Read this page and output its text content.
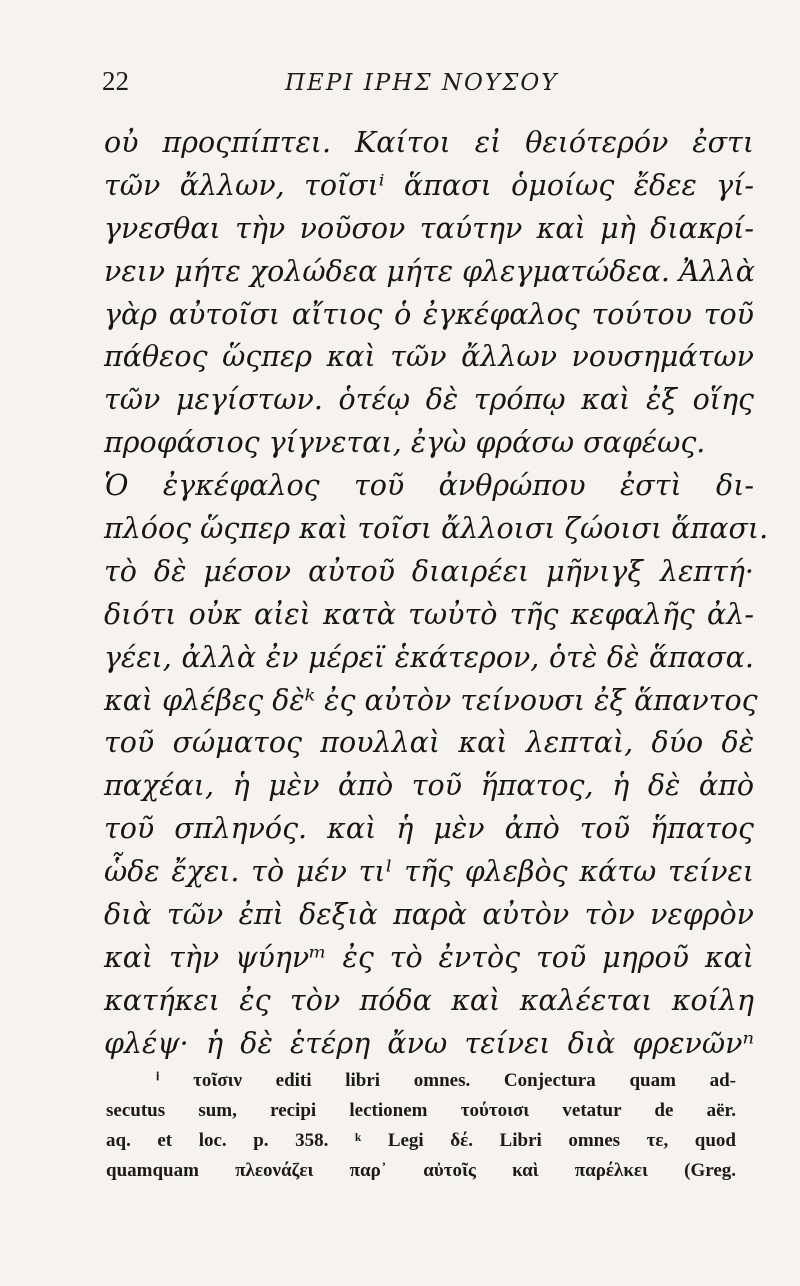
22	ΠΕΡΙ ΙΡΗΣ ΝΟΥΣΟΥ
οὐ προςπίπτει. Καίτοι εἰ θειότερόν ἐστι
τῶν ἄλλων, τοῖσιⁱ ἅπασι ὁμοίως ἔδεε γί-
γνεσθαι τὴν νοῦσον ταύτην καὶ μὴ διακρί-
νειν μήτε χολώδεα μήτε φλεγματώδεα. Ἀλλὰ
γὰρ αὐτοῖσι αἴτιος ὁ ἐγκέφαλος τούτου τοῦ
πάθεος ὥςπερ καὶ τῶν ἄλλων νουσημάτων
τῶν μεγίστων. ὁτέῳ δὲ τρόπῳ καὶ ἐξ οἵης
προφάσιος γίγνεται, ἐγὼ φράσω σαφέως.
Ὁ ἐγκέφαλος τοῦ ἀνθρώπου ἐστὶ δι-
πλόος ὥςπερ καὶ τοῖσι ἄλλοισι ζώοισι ἅπασι.
τὸ δὲ μέσον αὐτοῦ διαιρέει μῆνιγξ λεπτή·
διότι οὐκ αἰεὶ κατὰ τωὐτὸ τῆς κεφαλῆς ἀλ-
γέει, ἀλλὰ ἐν μέρεϊ ἑκάτερον, ὁτὲ δὲ ἅπασα.
καὶ φλέβες δὲᵏ ἐς αὐτὸν τείνουσι ἐξ ἅπαντος
τοῦ σώματος πουλλαὶ καὶ λεπταὶ, δύο δὲ
παχέαι, ἡ μὲν ἀπὸ τοῦ ἥπατος, ἡ δὲ ἀπὸ
τοῦ σπληνός. καὶ ἡ μὲν ἀπὸ τοῦ ἥπατος
ὧδε ἔχει. τὸ μέν τιˡ τῆς φλεβὸς κάτω τείνει
διὰ τῶν ἐπὶ δεξιὰ παρὰ αὐτὸν τὸν νεφρὸν
καὶ τὴν ψύηνᵐ ἐς τὸ ἐντὸς τοῦ μηροῦ καὶ
κατήκει ἐς τὸν πόδα καὶ καλέεται κοίλη
φλέψ· ἡ δὲ ἑτέρη ἄνω τείνει διὰ φρενῶνⁿ
ⁱ τοῖσιν editi libri omnes. Conjectura quam ad-
secutus sum, recipi lectionem τούτοισι vetatur de aër.
aq. et loc. p. 358. ᵏ Legi δέ. Libri omnes τε, quod
quamquam πλεονάζει παρ᾽ αὐτοῖς καὶ παρέλκει (Greg.
